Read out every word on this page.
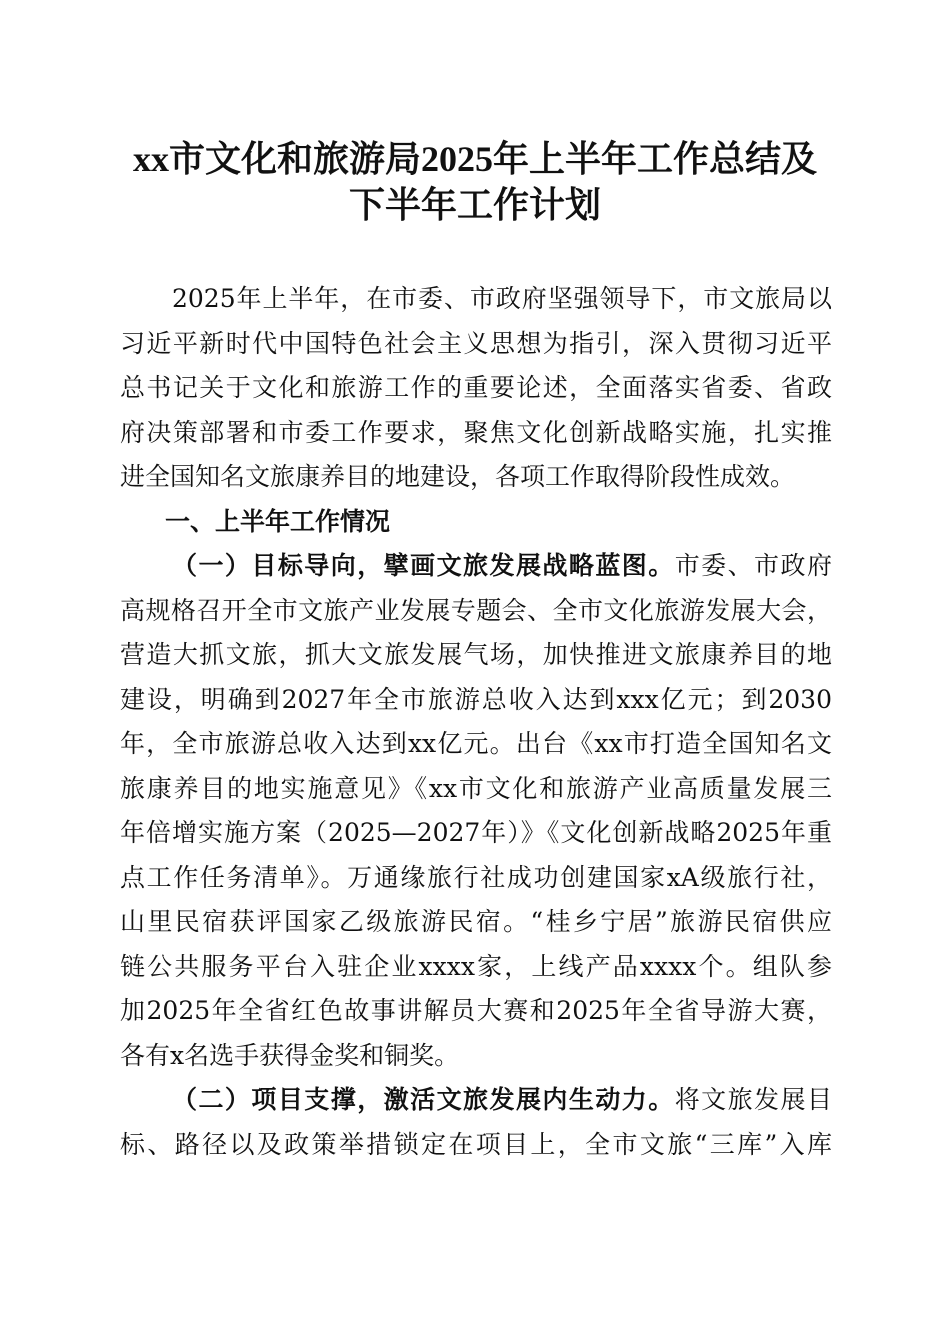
xx市文化和旅游局2025年上半年工作总结及
下半年工作计划
2025年上半年，在市委、市政府坚强领导下，市文旅局以
习近平新时代中国特色社会主义思想为指引，深入贯彻习近平
总书记关于文化和旅游工作的重要论述，全面落实省委、省政
府决策部署和市委工作要求，聚焦文化创新战略实施，扎实推
进全国知名文旅康养目的地建设，各项工作取得阶段性成效。
一、上半年工作情况
（一）目标导向，擘画文旅发展战略蓝图。市委、市政府
高规格召开全市文旅产业发展专题会、全市文化旅游发展大会，
营造大抓文旅，抓大文旅发展气场，加快推进文旅康养目的地
建设，明确到2027年全市旅游总收入达到xxx亿元；到2030
年，全市旅游总收入达到xx亿元。出台《xx市打造全国知名文
旅康养目的地实施意见》《xx市文化和旅游产业高质量发展三
年倍增实施方案（2025—2027年）》《文化创新战略2025年重
点工作任务清单》。万通缘旅行社成功创建国家xA级旅行社，
山里民宿获评国家乙级旅游民宿。“桂乡宁居”旅游民宿供应
链公共服务平台入驻企业xxxx家，上线产品xxxx个。组队参
加2025年全省红色故事讲解员大赛和2025年全省导游大赛，
各有x名选手获得金奖和铜奖。
（二）项目支撑，激活文旅发展内生动力。将文旅发展目
标、路径以及政策举措锁定在项目上，全市文旅“三库”入库
